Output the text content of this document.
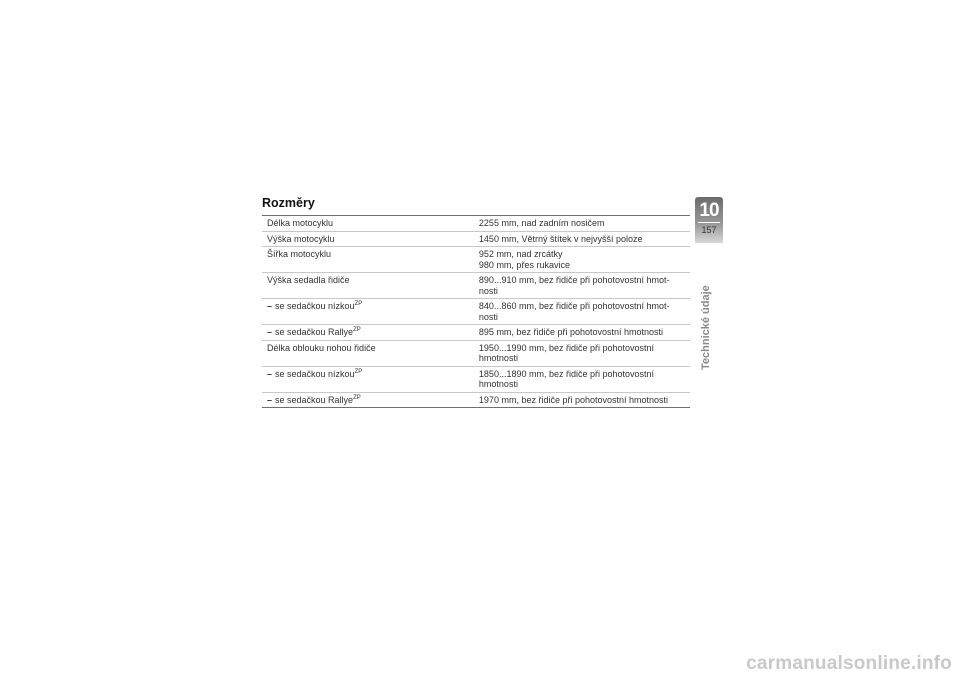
Rozměry
Délka motocyklu	2255 mm, nad zadním nosičem

Výška motocyklu	1450 mm, Větrný štítek v nejvyšší poloze

Šířka motocyklu	952 mm, nad zrcátky
980 mm, přes rukavice

Výška sedadla řidiče	890...910 mm, bez řidiče při pohotovostní hmot-
nosti

– se sedačkou nízkou$^{ZP}$	840...860 mm, bez řidiče při pohotovostní hmot-
nosti

– se sedačkou Rallye$^{ZP}$	895 mm, bez řidiče při pohotovostní hmotnosti

Délka oblouku nohou řidiče	1950...1990 mm, bez řidiče při pohotovostní
hmotnosti

– se sedačkou nízkou$^{ZP}$	1850...1890 mm, bez řidiče při pohotovostní
hmotnosti

– se sedačkou Rallye$^{ZP}$	1970 mm, bez řidiče při pohotovostní hmotnosti
10
157
Technické údaje
carmanualsonline.info
